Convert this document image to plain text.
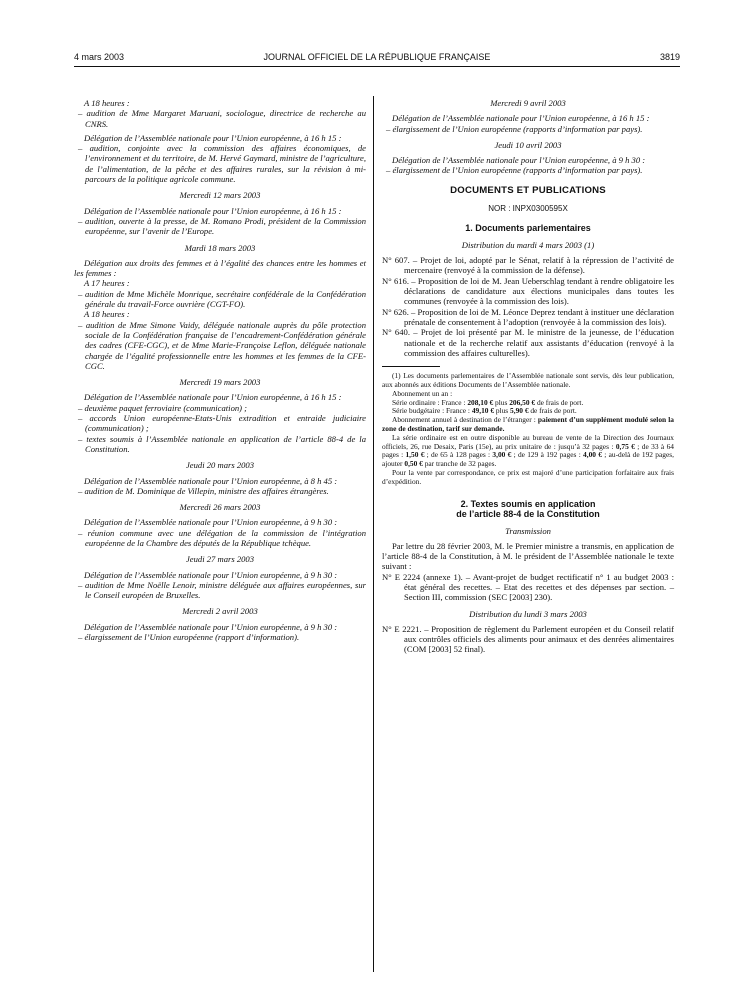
4 mars 2003	JOURNAL OFFICIEL DE LA RÉPUBLIQUE FRANÇAISE	3819

A 18 heures :

– audition de Mme Margaret Maruani, sociologue, directrice de recherche au CNRS.

Délégation de l’Assemblée nationale pour l’Union européenne, à 16 h 15 :

– audition, conjointe avec la commission des affaires économiques, de l’environnement et du territoire, de M. Hervé Gaymard, ministre de l’agriculture, de l’alimentation, de la pêche et des affaires rurales, sur la révision à mi-parcours de la politique agricole commune.

Mercredi 12 mars 2003

Délégation de l’Assemblée nationale pour l’Union européenne, à 16 h 15 :

– audition, ouverte à la presse, de M. Romano Prodi, président de la Commission européenne, sur l’avenir de l’Europe.

Mardi 18 mars 2003

Délégation aux droits des femmes et à l’égalité des chances entre les hommes et les femmes :

A 17 heures :

– audition de Mme Michèle Monrique, secrétaire confédérale de la Confédération générale du travail-Force ouvrière (CGT-FO).

A 18 heures :

– audition de Mme Simone Vaidy, déléguée nationale auprès du pôle protection sociale de la Confédération française de l’encadrement-Confédération générale des cadres (CFE-CGC), et de Mme Marie-Françoise Leflon, déléguée nationale chargée de l’égalité professionnelle entre les hommes et les femmes de la CFE-CGC.

Mercredi 19 mars 2003

Délégation de l’Assemblée nationale pour l’Union européenne, à 16 h 15 :

– deuxième paquet ferroviaire (communication) ;

– accords Union européenne-Etats-Unis extradition et entraide judiciaire (communication) ;

– textes soumis à l’Assemblée nationale en application de l’article 88-4 de la Constitution.

Jeudi 20 mars 2003

Délégation de l’Assemblée nationale pour l’Union européenne, à 8 h 45 :

– audition de M. Dominique de Villepin, ministre des affaires étrangères.

Mercredi 26 mars 2003

Délégation de l’Assemblée nationale pour l’Union européenne, à 9 h 30 :

– réunion commune avec une délégation de la commission de l’intégration européenne de la Chambre des députés de la République tchèque.

Jeudi 27 mars 2003

Délégation de l’Assemblée nationale pour l’Union européenne, à 9 h 30 :

– audition de Mme Noëlle Lenoir, ministre déléguée aux affaires européennes, sur le Conseil européen de Bruxelles.

Mercredi 2 avril 2003

Délégation de l’Assemblée nationale pour l’Union européenne, à 9 h 30 :

– élargissement de l’Union européenne (rapport d’information).

Mercredi 9 avril 2003

Délégation de l’Assemblée nationale pour l’Union européenne, à 16 h 15 :

– élargissement de l’Union européenne (rapports d’information par pays).

Jeudi 10 avril 2003

Délégation de l’Assemblée nationale pour l’Union européenne, à 9 h 30 :

– élargissement de l’Union européenne (rapports d’information par pays).

DOCUMENTS ET PUBLICATIONS

NOR : INPX0300595X

1. Documents parlementaires

Distribution du mardi 4 mars 2003 (1)

N° 607. – Projet de loi, adopté par le Sénat, relatif à la répression de l’activité de mercenaire (renvoyé à la commission de la défense).

N° 616. – Proposition de loi de M. Jean Ueberschlag tendant à rendre obligatoire les déclarations de candidature aux élections municipales dans toutes les communes (renvoyée à la commission des lois).

N° 626. – Proposition de loi de M. Léonce Deprez tendant à instituer une déclaration prénatale de consentement à l’adoption (renvoyée à la commission des lois).

N° 640. – Projet de loi présenté par M. le ministre de la jeunesse, de l’éducation nationale et de la recherche relatif aux assistants d’éducation (renvoyé à la commission des affaires culturelles).

(1) Les documents parlementaires de l’Assemblée nationale sont servis, dès leur publication, aux abonnés aux éditions Documents de l’Assemblée nationale.

Abonnement un an :

Série ordinaire : France : 208,10 € plus 206,50 € de frais de port.

Série budgétaire : France : 49,10 € plus 5,90 € de frais de port.

Abonnement annuel à destination de l’étranger : paiement d’un supplément modulé selon la zone de destination, tarif sur demande.

La série ordinaire est en outre disponible au bureau de vente de la Direction des Journaux officiels, 26, rue Desaix, Paris (15e), au prix unitaire de : jusqu’à 32 pages : 0,75 € ; de 33 à 64 pages : 1,50 € ; de 65 à 128 pages : 3,00 € ; de 129 à 192 pages : 4,00 € ; au-delà de 192 pages, ajouter 0,50 € par tranche de 32 pages.

Pour la vente par correspondance, ce prix est majoré d’une participation forfaitaire aux frais d’expédition.

2. Textes soumis en application
de l’article 88-4 de la Constitution

Transmission

Par lettre du 28 février 2003, M. le Premier ministre a transmis, en application de l’article 88-4 de la Constitution, à M. le président de l’Assemblée nationale le texte suivant :

N° E 2224 (annexe 1). – Avant-projet de budget rectificatif n° 1 au budget 2003 : état général des recettes. – Etat des recettes et des dépenses par section. – Section III, commission (SEC [2003] 230).

Distribution du lundi 3 mars 2003

N° E 2221. – Proposition de règlement du Parlement européen et du Conseil relatif aux contrôles officiels des aliments pour animaux et des denrées alimentaires (COM [2003] 52 final).
